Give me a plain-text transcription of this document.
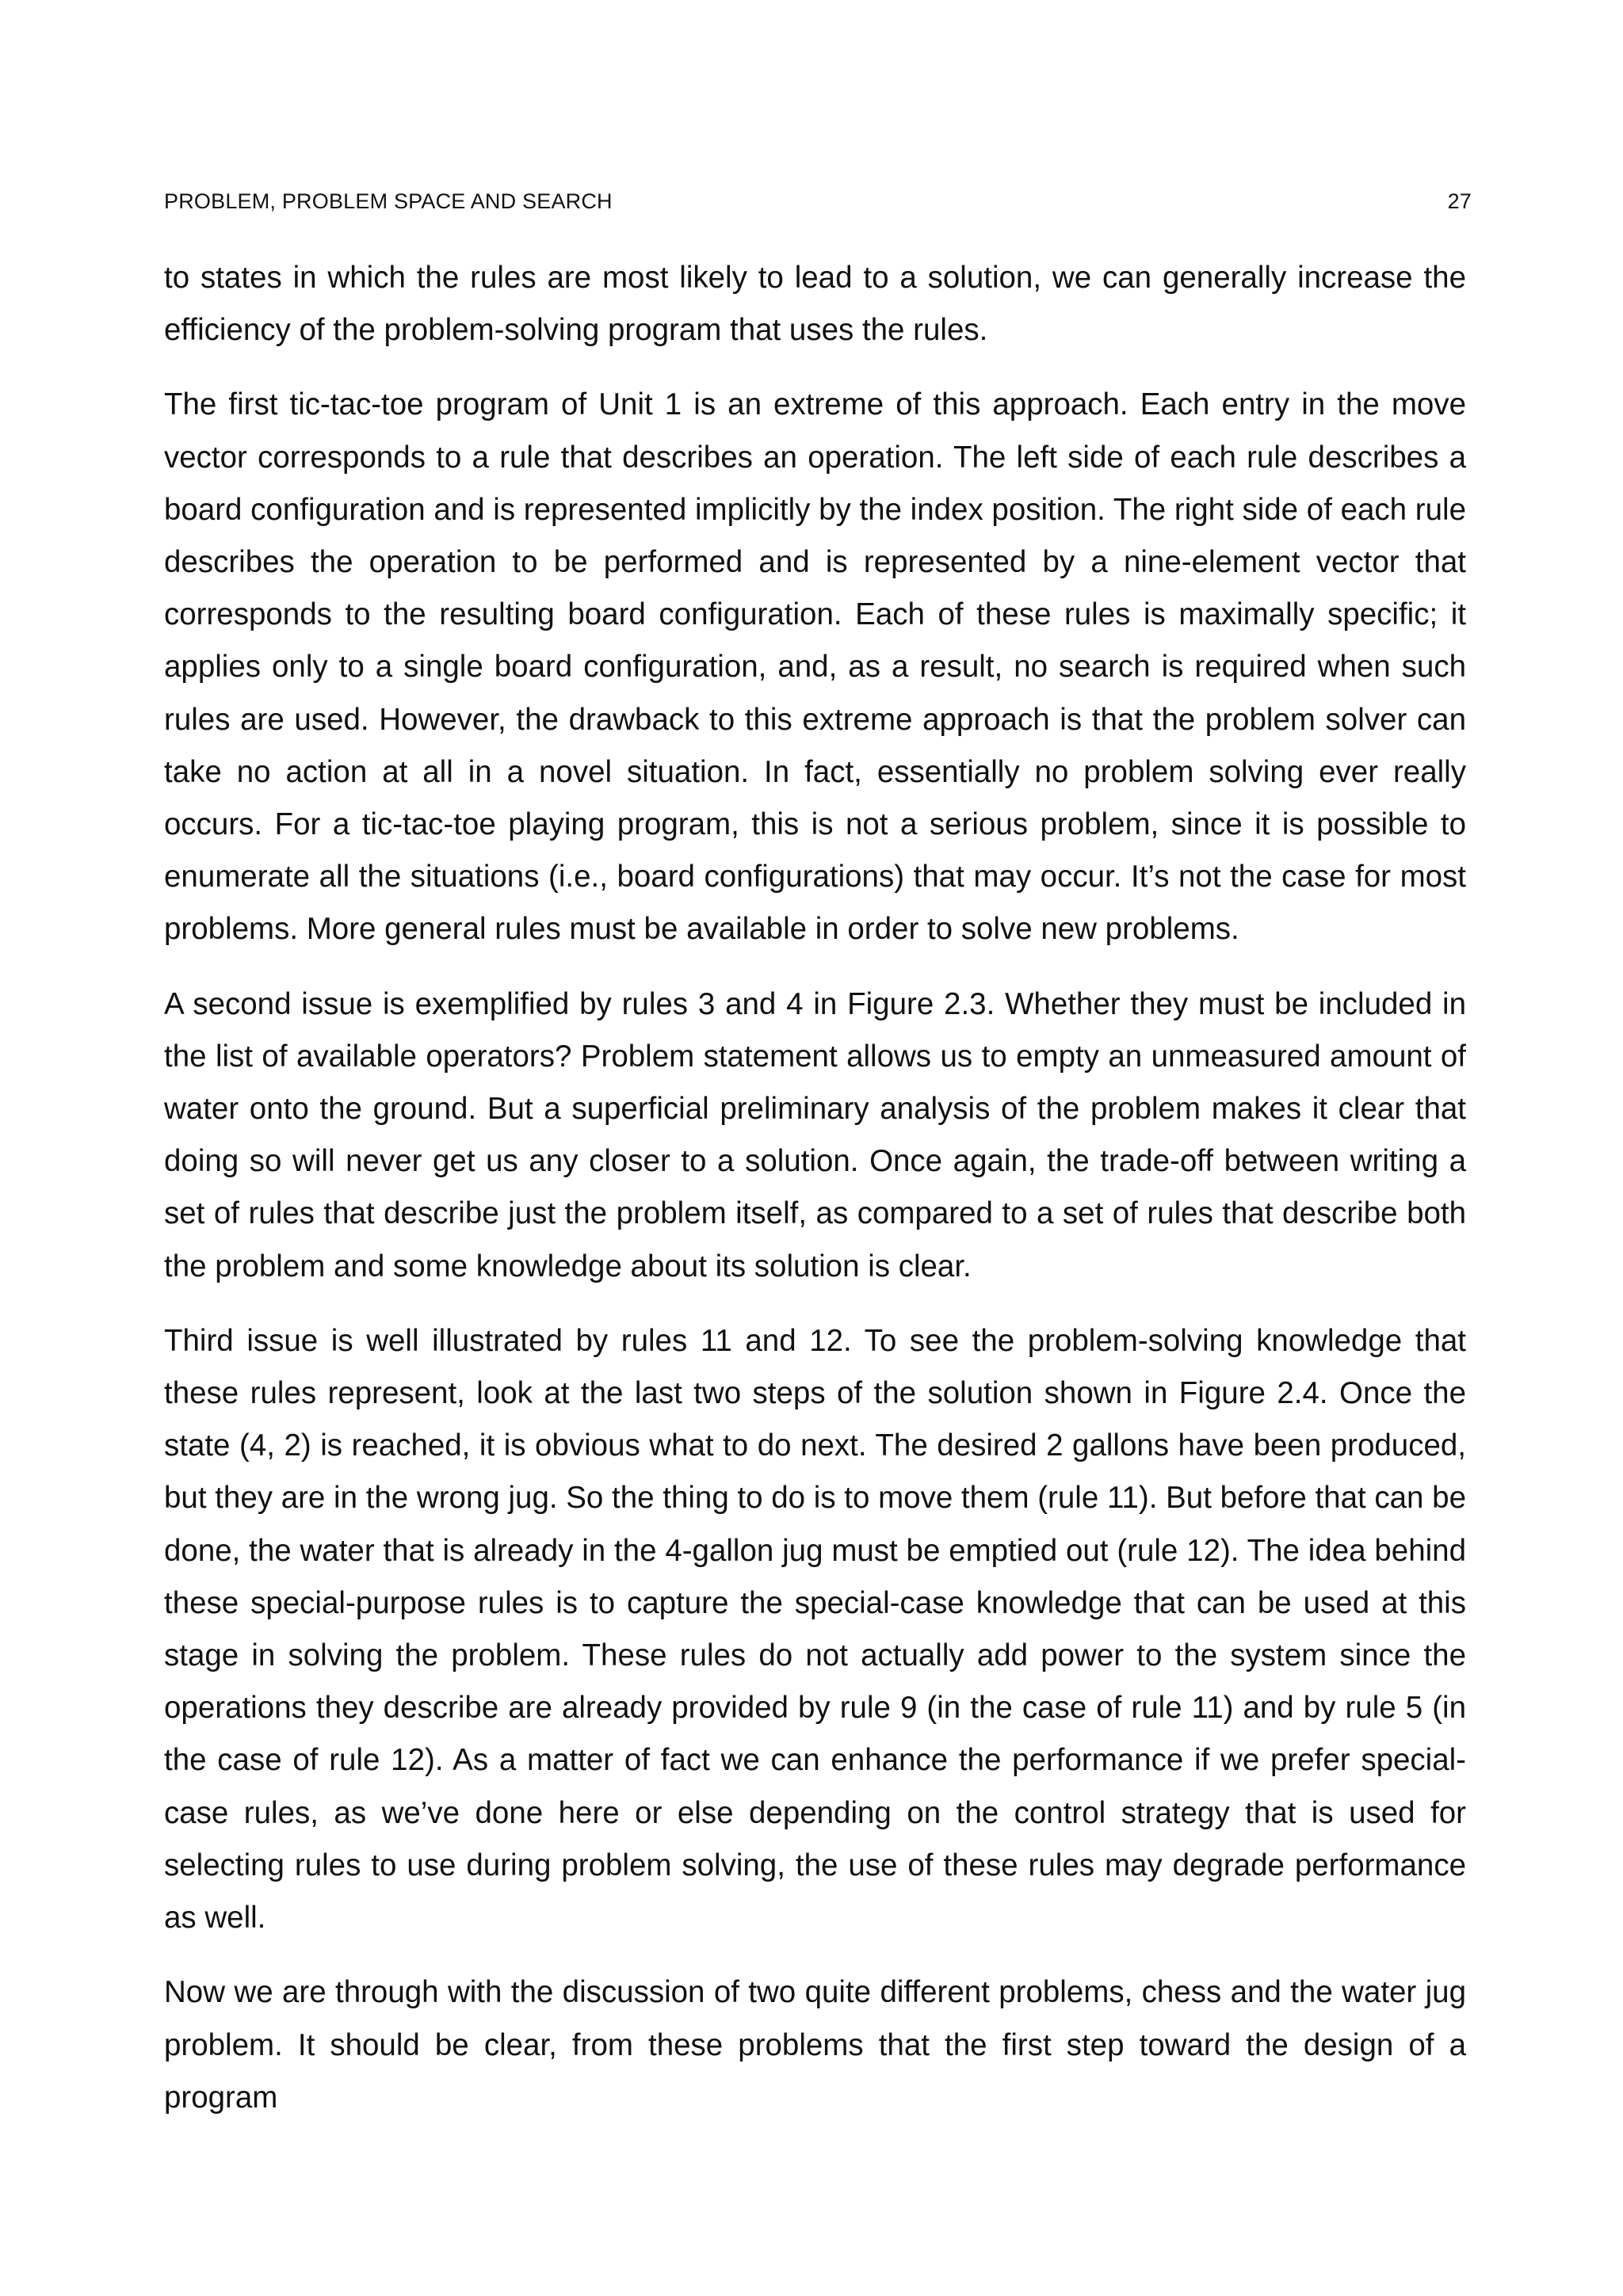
PROBLEM, PROBLEM SPACE AND SEARCH	27

to states in which the rules are most likely to lead to a solution, we can generally increase the efficiency of the problem-solving program that uses the rules.

The first tic-tac-toe program of Unit 1 is an extreme of this approach. Each entry in the move vector corresponds to a rule that describes an operation. The left side of each rule describes a board configuration and is represented implicitly by the index position. The right side of each rule describes the operation to be performed and is represented by a nine-element vector that corresponds to the resulting board configuration. Each of these rules is maximally specific; it applies only to a single board configuration, and, as a result, no search is required when such rules are used. However, the drawback to this extreme approach is that the problem solver can take no action at all in a novel situation. In fact, essentially no problem solving ever really occurs. For a tic-tac-toe playing program, this is not a serious problem, since it is possible to enumerate all the situations (i.e., board configurations) that may occur. It’s not the case for most problems. More general rules must be available in order to solve new problems.

A second issue is exemplified by rules 3 and 4 in Figure 2.3. Whether they must be included in the list of available operators? Problem statement allows us to empty an unmeasured amount of water onto the ground. But a superficial preliminary analysis of the problem makes it clear that doing so will never get us any closer to a solution. Once again, the trade-off between writing a set of rules that describe just the problem itself, as compared to a set of rules that describe both the problem and some knowledge about its solution is clear.

Third issue is well illustrated by rules 11 and 12. To see the problem-solving knowledge that these rules represent, look at the last two steps of the solution shown in Figure 2.4. Once the state (4, 2) is reached, it is obvious what to do next. The desired 2 gallons have been produced, but they are in the wrong jug. So the thing to do is to move them (rule 11). But before that can be done, the water that is already in the 4-gallon jug must be emptied out (rule 12). The idea behind these special-purpose rules is to capture the special-case knowledge that can be used at this stage in solving the problem. These rules do not actually add power to the system since the operations they describe are already provided by rule 9 (in the case of rule 11) and by rule 5 (in the case of rule 12). As a matter of fact we can enhance the performance if we prefer special-case rules, as we’ve done here or else depending on the control strategy that is used for selecting rules to use during problem solving, the use of these rules may degrade performance as well.

Now we are through with the discussion of two quite different problems, chess and the water jug problem. It should be clear, from these problems that the first step toward the design of a program
